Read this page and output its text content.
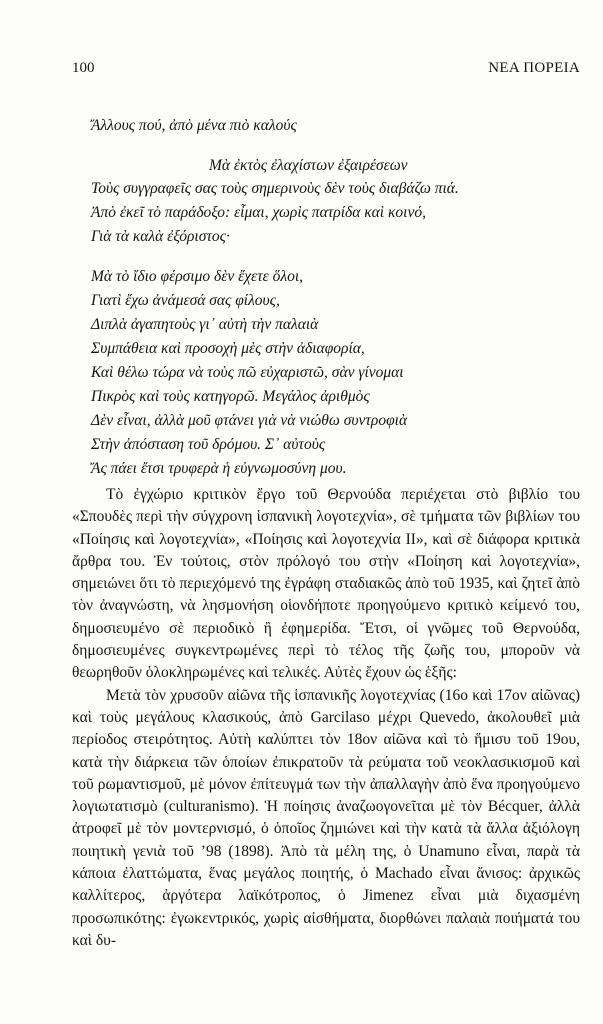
100	ΝΕΑ ΠΟΡΕΙΑ
Ἄλλους πού, ἀπὸ μένα πιὸ καλούς
Μὰ ἐκτὸς ἐλαχίστων ἐξαιρέσεων
Τοὺς συγγραφεῖς σας τοὺς σημερινοὺς δὲν τοὺς διαβάζω πιά.
Ἀπὸ ἐκεῖ τὸ παράδοξο: εἶμαι, χωρὶς πατρίδα καὶ κοινό,
Γιὰ τὰ καλὰ ἐξόριστος·
Μὰ τὸ ἴδιο φέρσιμο δὲν ἔχετε ὅλοι,
Γιατὶ ἔχω ἀνάμεσά σας φίλους,
Διπλὰ ἀγαπητοὺς γι᾽ αὐτὴ τὴν παλαιὰ
Συμπάθεια καὶ προσοχὴ μὲς στὴν ἀδιαφορία,
Καὶ θέλω τώρα νὰ τοὺς πῶ εὐχαριστῶ, σὰν γίνομαι
Πικρὸς καὶ τοὺς κατηγορῶ. Μεγάλος ἀριθμὸς
Δὲν εἶναι, ἀλλὰ μοῦ φτάνει γιὰ νὰ νιώθω συντροφιὰ
Στὴν ἀπόσταση τοῦ δρόμου. Σ᾽ αὐτοὺς
Ἄς πάει ἔτσι τρυφερὰ ἡ εὐγνωμοσύνη μου.

Τὸ ἐγχώριο κριτικὸν ἔργο τοῦ Θερνούδα περιέχεται στὸ βιβλίο του «Σπουδὲς περὶ τὴν σύγχρονη ἱσπανικὴ λογοτεχνία», σὲ τμήματα τῶν βιβλίων του «Ποίησις καὶ λογοτεχνία», «Ποίησις καὶ λογοτεχνία ΙΙ», καὶ σὲ διάφορα κριτικὰ ἄρθρα του. Ἐν τούτοις, στὸν πρόλογό του στὴν «Ποίηση καὶ λογοτεχνία», σημειώνει ὅτι τὸ περιεχόμενό της ἐγράφη σταδιακῶς ἀπὸ τοῦ 1935, καὶ ζητεῖ ἀπὸ τὸν ἀναγνώστη, νὰ λησμονήση οἱονδήποτε προηγούμενο κριτικὸ κείμενό του, δημοσιευμένο σὲ περιοδικὸ ἢ ἐφημερίδα. Ἔτσι, οἱ γνῶμες τοῦ Θερνούδα, δημοσιευμένες συγκεντρωμένες περὶ τὸ τέλος τῆς ζωῆς του, μποροῦν νὰ θεωρηθοῦν ὁλοκληρωμένες καὶ τελικές. Αὐτὲς ἔχουν ὡς ἑξῆς:

Μετὰ τὸν χρυσοῦν αἰῶνα τῆς ἱσπανικῆς λογοτεχνίας (16ο καὶ 17ον αἰῶνας) καὶ τοὺς μεγάλους κλασικούς, ἀπὸ Garcilaso μέχρι Quevedo, ἀκολουθεῖ μιὰ περίοδος στειρότητος. Αὐτὴ καλύπτει τὸν 18ον αἰῶνα καὶ τὸ ἥμισυ τοῦ 19ου, κατὰ τὴν διάρκεια τῶν ὁποίων ἐπικρατοῦν τὰ ρεύματα τοῦ νεοκλασικισμοῦ καὶ τοῦ ρωμαντισμοῦ, μὲ μόνον ἐπίτευγμά των τὴν ἀπαλλαγὴν ἀπὸ ἕνα προηγούμενο λογιωτατισμὸ (culturanismo). Ἡ ποίησις ἀναζωογονεῖται μὲ τὸν Bécquer, ἀλλὰ ἀτροφεῖ μὲ τὸν μοντερνισμό, ὁ ὁποῖος ζημιώνει καὶ τὴν κατὰ τὰ ἄλλα ἀξιόλογη ποιητικὴ γενιὰ τοῦ ’98 (1898). Ἀπὸ τὰ μέλη της, ὁ Unamuno εἶναι, παρὰ τὰ κάποια ἐλαττώματα, ἕνας μεγάλος ποιητής, ὁ Machado εἶναι ἄνισος: ἀρχικῶς καλλίτερος, ἀργότερα λαϊκότροπος, ὁ Jimenez εἶναι μιὰ διχασμένη προσωπικότης: ἐγωκεντρικός, χωρὶς αἰσθήματα, διορθώνει παλαιὰ ποιήματά του καὶ δυ-
